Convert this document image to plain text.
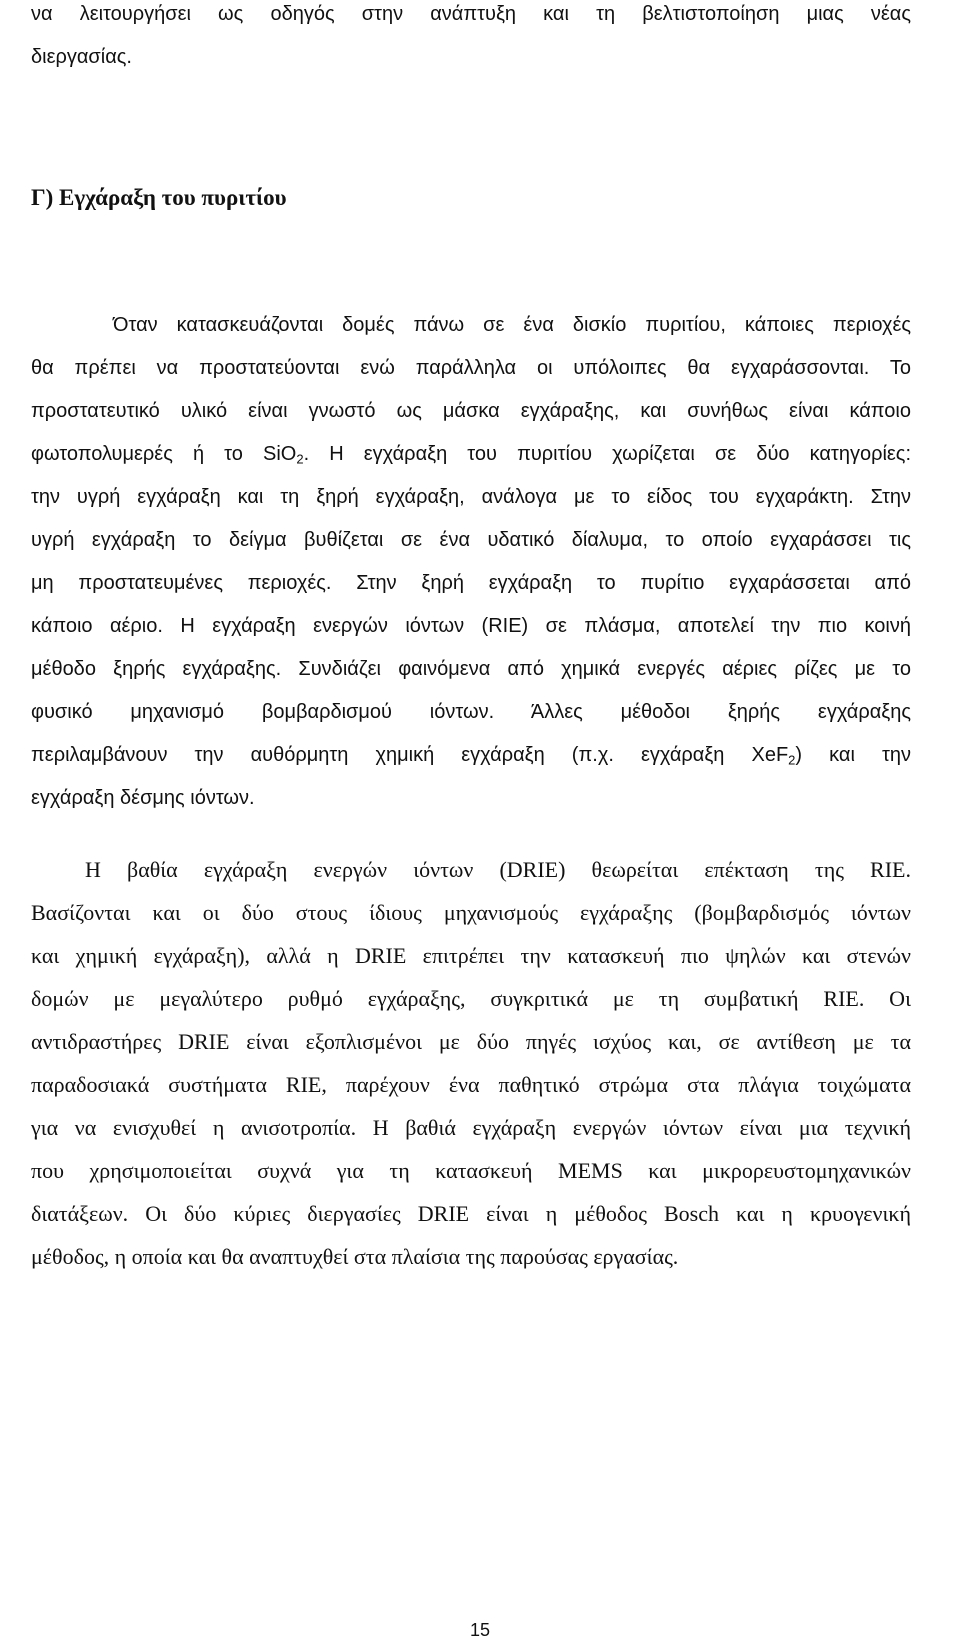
να λειτουργήσει ως οδηγός στην ανάπτυξη και τη βελτιστοποίηση μιας νέας

διεργασίας.

Γ) Εγχάραξη του πυριτίου

Όταν κατασκευάζονται δομές πάνω σε ένα δισκίο πυριτίου, κάποιες περιοχές

θα πρέπει να προστατεύονται ενώ παράλληλα οι υπόλοιπες θα εγχαράσσονται. Το

προστατευτικό υλικό είναι γνωστό ως μάσκα εγχάραξης, και συνήθως είναι κάποιο

φωτοπολυμερές ή το SiO$_2$. Η εγχάραξη του πυριτίου χωρίζεται σε δύο κατηγορίες:

την υγρή εγχάραξη και τη ξηρή εγχάραξη, ανάλογα με το είδος του εγχαράκτη. Στην

υγρή εγχάραξη το δείγμα βυθίζεται σε ένα υδατικό δίαλυμα, το οποίο εγχαράσσει τις

μη προστατευμένες περιοχές. Στην ξηρή εγχάραξη το πυρίτιο εγχαράσσεται από

κάποιο αέριο. Η εγχάραξη ενεργών ιόντων (RIE) σε πλάσμα, αποτελεί την πιο κοινή

μέθοδο ξηρής εγχάραξης. Συνδιάζει φαινόμενα από χημικά ενεργές αέριες ρίζες με το

φυσικό μηχανισμό βομβαρδισμού ιόντων. Άλλες μέθοδοι ξηρής εγχάραξης

περιλαμβάνουν την αυθόρμητη χημική εγχάραξη (π.χ. εγχάραξη XeF$_2$) και την

εγχάραξη δέσμης ιόντων.

Η βαθία εγχάραξη ενεργών ιόντων (DRIE) θεωρείται επέκταση της RIE.

Βασίζονται και οι δύο στους ίδιους μηχανισμούς εγχάραξης (βομβαρδισμός ιόντων

και χημική εγχάραξη), αλλά η DRIE επιτρέπει την κατασκευή πιο ψηλών και στενών

δομών με μεγαλύτερο ρυθμό εγχάραξης, συγκριτικά με τη συμβατική RIE. Οι

αντιδραστήρες DRIE είναι εξοπλισμένοι με δύο πηγές ισχύος και, σε αντίθεση με τα

παραδοσιακά συστήματα RIE, παρέχουν ένα παθητικό στρώμα στα πλάγια τοιχώματα

για να ενισχυθεί η ανισοτροπία. Η βαθιά εγχάραξη ενεργών ιόντων είναι μια τεχνική

που χρησιμοποιείται συχνά για τη κατασκευή MEMS και μικρορευστομηχανικών

διατάξεων. Οι δύο κύριες διεργασίες DRIE είναι η μέθοδος Bosch και η κρυογενική

μέθοδος, η οποία και θα αναπτυχθεί στα πλαίσια της παρούσας εργασίας.

15
